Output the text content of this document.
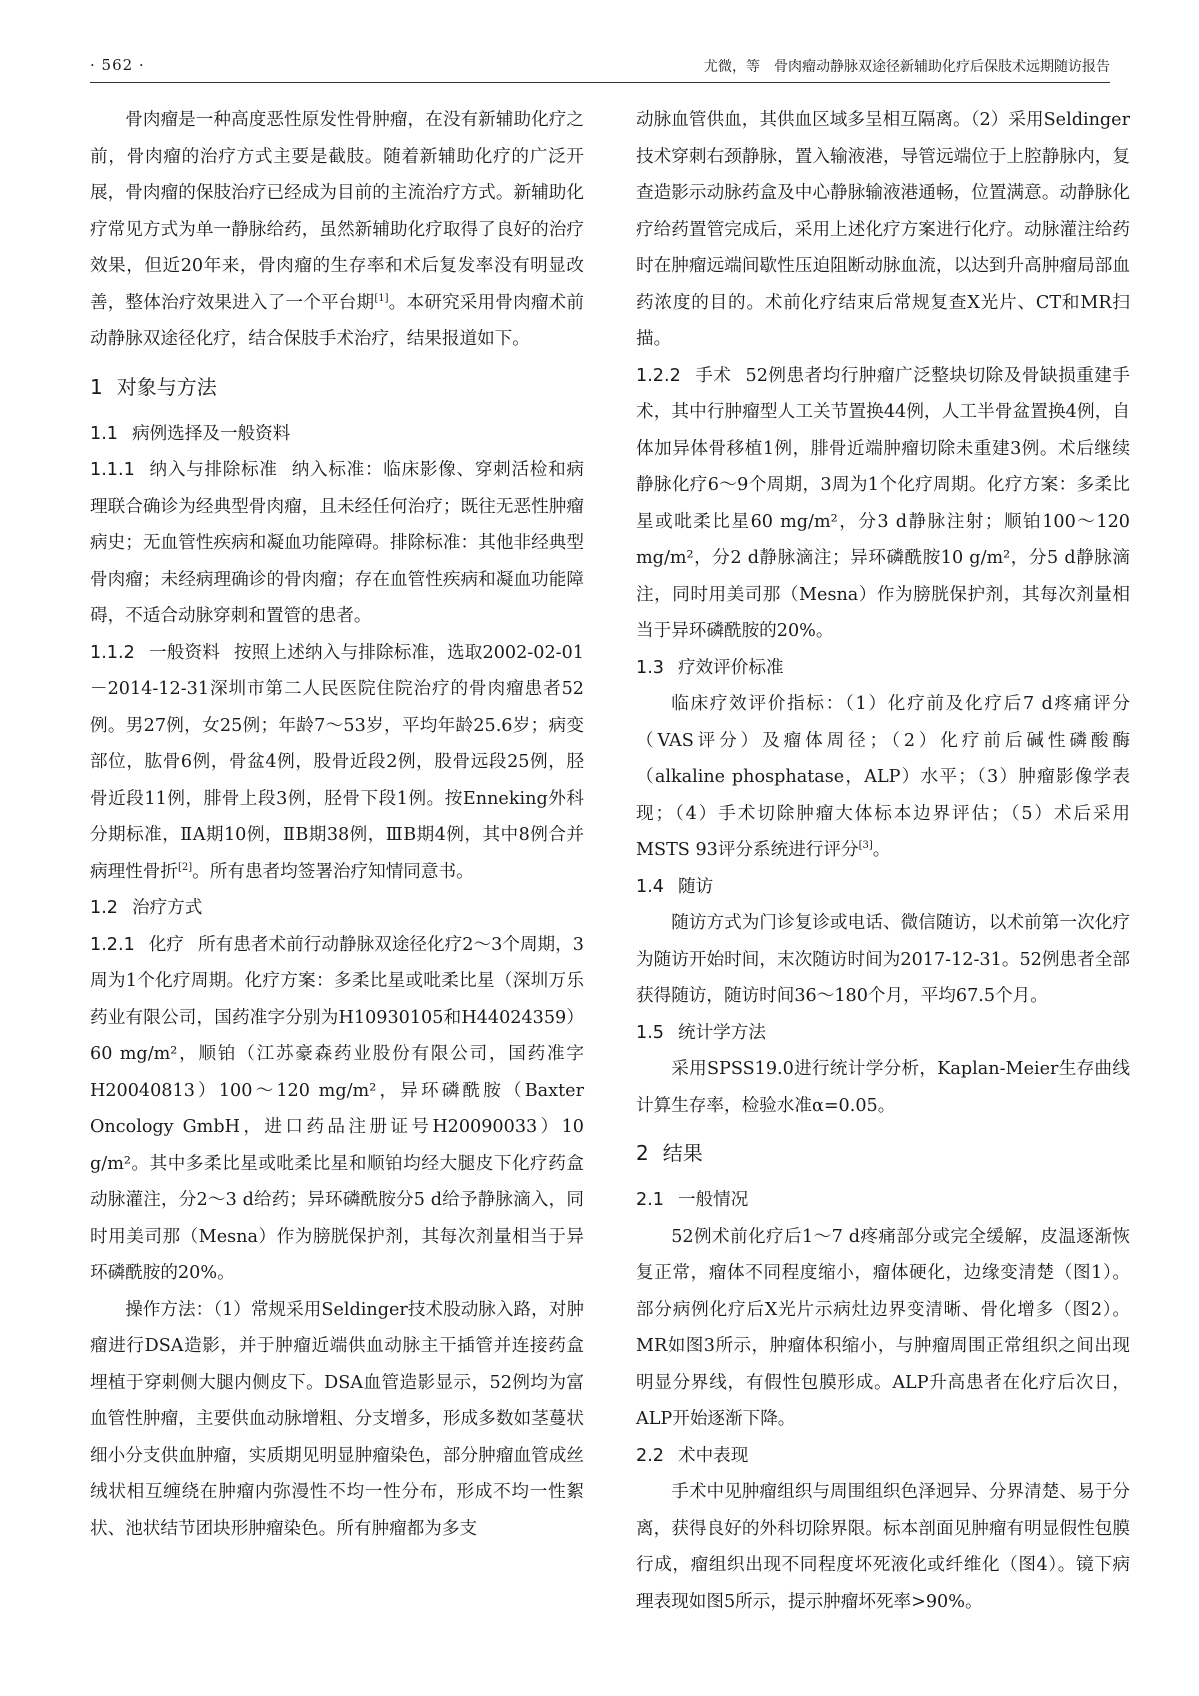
· 562 ·	尤微，等　骨肉瘤动静脉双途径新辅助化疗后保肢术远期随访报告

骨肉瘤是一种高度恶性原发性骨肿瘤，在没有新辅助化疗之前，骨肉瘤的治疗方式主要是截肢。随着新辅助化疗的广泛开展，骨肉瘤的保肢治疗已经成为目前的主流治疗方式。新辅助化疗常见方式为单一静脉给药，虽然新辅助化疗取得了良好的治疗效果，但近20年来，骨肉瘤的生存率和术后复发率没有明显改善，整体治疗效果进入了一个平台期[1]。本研究采用骨肉瘤术前动静脉双途径化疗，结合保肢手术治疗，结果报道如下。

1 对象与方法

1.1 病例选择及一般资料

1.1.1 纳入与排除标准 纳入标准：临床影像、穿刺活检和病理联合确诊为经典型骨肉瘤，且未经任何治疗；既往无恶性肿瘤病史；无血管性疾病和凝血功能障碍。排除标准：其他非经典型骨肉瘤；未经病理确诊的骨肉瘤；存在血管性疾病和凝血功能障碍，不适合动脉穿刺和置管的患者。

1.1.2 一般资料 按照上述纳入与排除标准，选取2002-02-01－2014-12-31深圳市第二人民医院住院治疗的骨肉瘤患者52例。男27例，女25例；年龄7～53岁，平均年龄25.6岁；病变部位，肱骨6例，骨盆4例，股骨近段2例，股骨远段25例，胫骨近段11例，腓骨上段3例，胫骨下段1例。按Enneking外科分期标准，ⅡA期10例，ⅡB期38例，ⅢB期4例，其中8例合并病理性骨折[2]。所有患者均签署治疗知情同意书。

1.2 治疗方式

1.2.1 化疗 所有患者术前行动静脉双途径化疗2～3个周期，3周为1个化疗周期。化疗方案：多柔比星或吡柔比星（深圳万乐药业有限公司，国药准字分别为H10930105和H44024359）60 mg/m²，顺铂（江苏豪森药业股份有限公司，国药准字H20040813）100～120 mg/m²，异环磷酰胺（Baxter Oncology GmbH，进口药品注册证号H20090033）10 g/m²。其中多柔比星或吡柔比星和顺铂均经大腿皮下化疗药盒动脉灌注，分2～3 d给药；异环磷酰胺分5 d给予静脉滴入，同时用美司那（Mesna）作为膀胱保护剂，其每次剂量相当于异环磷酰胺的20%。

操作方法：（1）常规采用Seldinger技术股动脉入路，对肿瘤进行DSA造影，并于肿瘤近端供血动脉主干插管并连接药盒埋植于穿刺侧大腿内侧皮下。DSA血管造影显示，52例均为富血管性肿瘤，主要供血动脉增粗、分支增多，形成多数如茎蔓状细小分支供血肿瘤，实质期见明显肿瘤染色，部分肿瘤血管成丝绒状相互缠绕在肿瘤内弥漫性不均一性分布，形成不均一性絮状、池状结节团块形肿瘤染色。所有肿瘤都为多支

动脉血管供血，其供血区域多呈相互隔离。（2）采用Seldinger技术穿刺右颈静脉，置入输液港，导管远端位于上腔静脉内，复查造影示动脉药盒及中心静脉输液港通畅，位置满意。动静脉化疗给药置管完成后，采用上述化疗方案进行化疗。动脉灌注给药时在肿瘤远端间歇性压迫阻断动脉血流，以达到升高肿瘤局部血药浓度的目的。术前化疗结束后常规复查X光片、CT和MR扫描。

1.2.2 手术 52例患者均行肿瘤广泛整块切除及骨缺损重建手术，其中行肿瘤型人工关节置换44例，人工半骨盆置换4例，自体加异体骨移植1例，腓骨近端肿瘤切除未重建3例。术后继续静脉化疗6～9个周期，3周为1个化疗周期。化疗方案：多柔比星或吡柔比星60 mg/m²，分3 d静脉注射；顺铂100～120 mg/m²，分2 d静脉滴注；异环磷酰胺10 g/m²，分5 d静脉滴注，同时用美司那（Mesna）作为膀胱保护剂，其每次剂量相当于异环磷酰胺的20%。

1.3 疗效评价标准

临床疗效评价指标：（1）化疗前及化疗后7 d疼痛评分（VAS评分）及瘤体周径；（2）化疗前后碱性磷酸酶（alkaline phosphatase，ALP）水平；（3）肿瘤影像学表现；（4）手术切除肿瘤大体标本边界评估；（5）术后采用MSTS 93评分系统进行评分[3]。

1.4 随访

随访方式为门诊复诊或电话、微信随访，以术前第一次化疗为随访开始时间，末次随访时间为2017-12-31。52例患者全部获得随访，随访时间36～180个月，平均67.5个月。

1.5 统计学方法

采用SPSS19.0进行统计学分析，Kaplan-Meier生存曲线计算生存率，检验水准α=0.05。

2 结果

2.1 一般情况

52例术前化疗后1～7 d疼痛部分或完全缓解，皮温逐渐恢复正常，瘤体不同程度缩小，瘤体硬化，边缘变清楚（图1）。部分病例化疗后X光片示病灶边界变清晰、骨化增多（图2）。MR如图3所示，肿瘤体积缩小，与肿瘤周围正常组织之间出现明显分界线，有假性包膜形成。ALP升高患者在化疗后次日，ALP开始逐渐下降。

2.2 术中表现

手术中见肿瘤组织与周围组织色泽迥异、分界清楚、易于分离，获得良好的外科切除界限。标本剖面见肿瘤有明显假性包膜行成，瘤组织出现不同程度坏死液化或纤维化（图4）。镜下病理表现如图5所示，提示肿瘤坏死率>90%。
